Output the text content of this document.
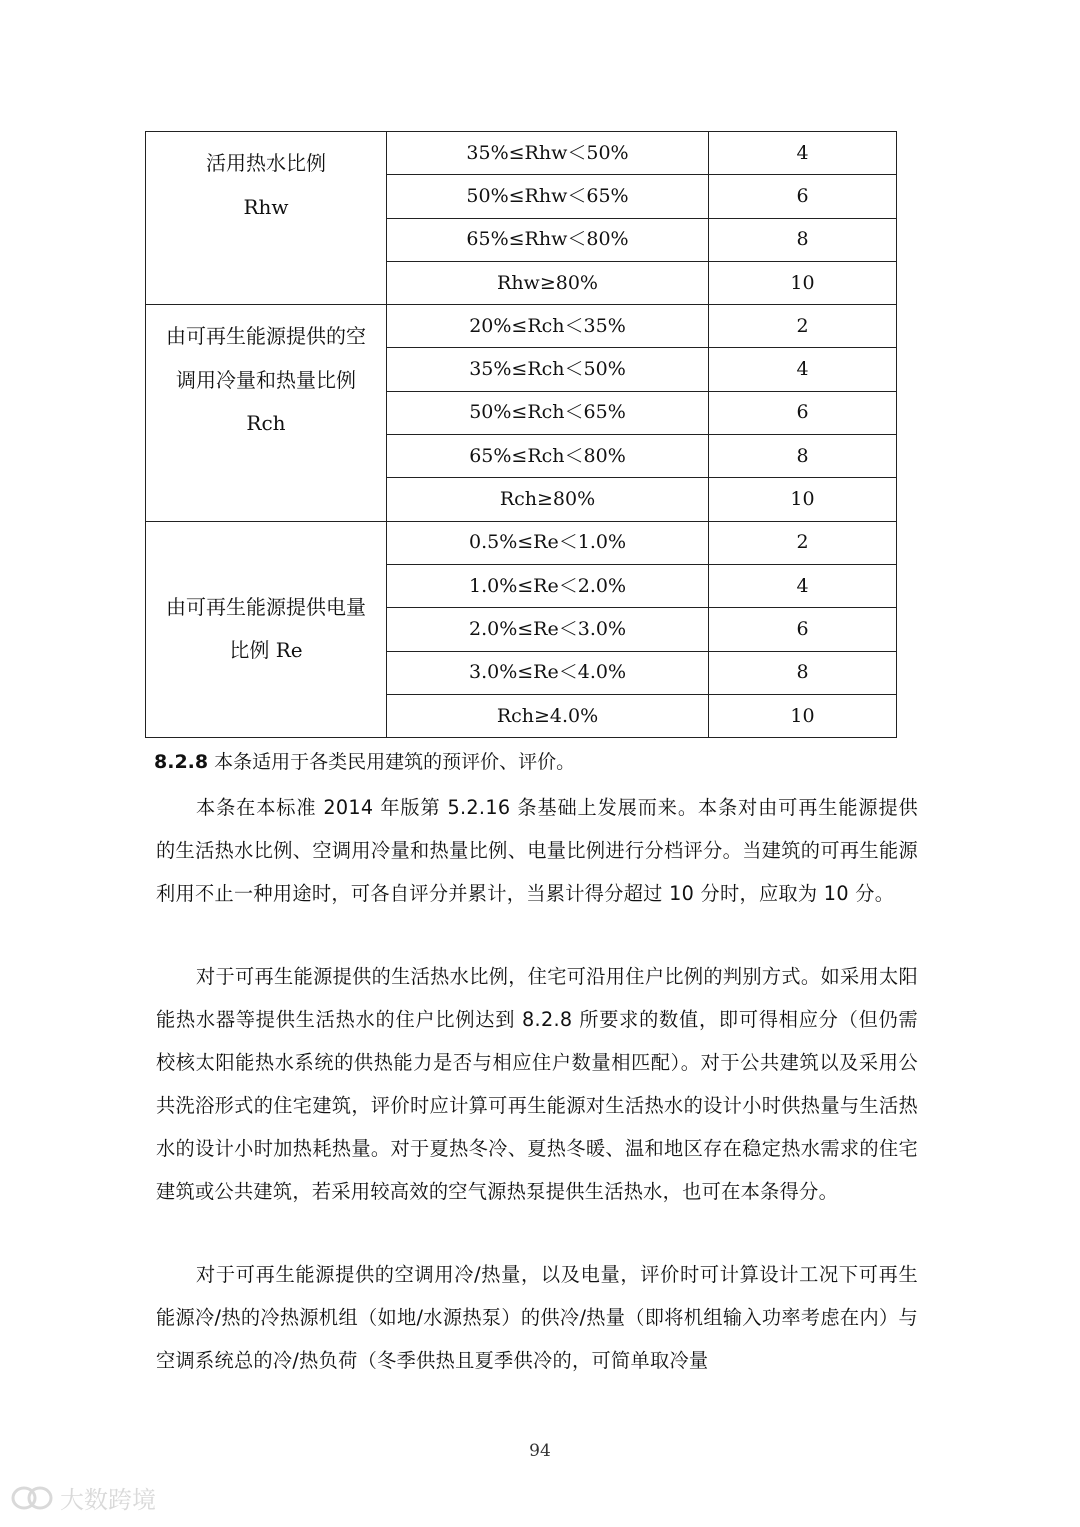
活用热水比例
Rhw	35%≤Rhw＜50%	4
	50%≤Rhw＜65%	6
	65%≤Rhw＜80%	8
	Rhw≥80%	10

由可再生能源提供的空
调用冷量和热量比例
Rch	20%≤Rch＜35%	2
	35%≤Rch＜50%	4
	50%≤Rch＜65%	6
	65%≤Rch＜80%	8
	Rch≥80%	10

由可再生能源提供电量
比例 Re	0.5%≤Re＜1.0%	2
	1.0%≤Re＜2.0%	4
	2.0%≤Re＜3.0%	6
	3.0%≤Re＜4.0%	8
	Rch≥4.0%	10
8.2.8 本条适用于各类民用建筑的预评价、评价。

本条在本标准 2014 年版第 5.2.16 条基础上发展而来。本条对由可再生能源提供的生活热水比例、空调用冷量和热量比例、电量比例进行分档评分。当建筑的可再生能源利用不止一种用途时，可各自评分并累计，当累计得分超过 10 分时，应取为 10 分。

对于可再生能源提供的生活热水比例，住宅可沿用住户比例的判别方式。如采用太阳能热水器等提供生活热水的住户比例达到 8.2.8 所要求的数值，即可得相应分（但仍需校核太阳能热水系统的供热能力是否与相应住户数量相匹配）。对于公共建筑以及采用公共洗浴形式的住宅建筑，评价时应计算可再生能源对生活热水的设计小时供热量与生活热水的设计小时加热耗热量。对于夏热冬冷、夏热冬暖、温和地区存在稳定热水需求的住宅建筑或公共建筑，若采用较高效的空气源热泵提供生活热水，也可在本条得分。

对于可再生能源提供的空调用冷/热量，以及电量，评价时可计算设计工况下可再生能源冷/热的冷热源机组（如地/水源热泵）的供冷/热量（即将机组输入功率考虑在内）与空调系统总的冷/热负荷（冬季供热且夏季供冷的，可简单取冷量

94
大数跨境
